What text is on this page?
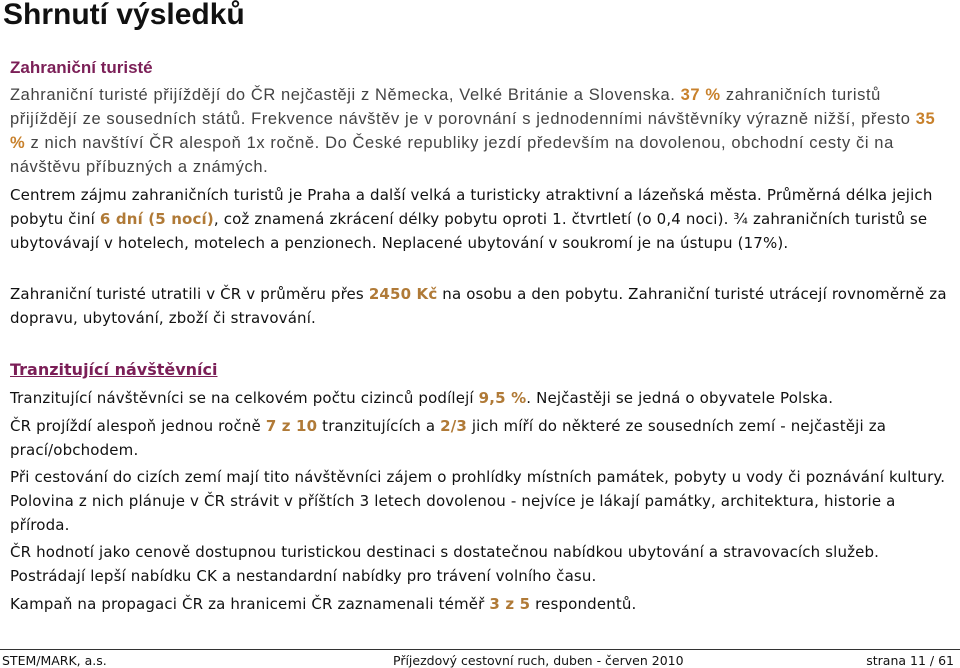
Shrnutí výsledků
Zahraniční turisté

Zahraniční turisté přijíždějí do ČR nejčastěji z Německa, Velké Británie a Slovenska. 37 % zahraničních turistů přijíždějí ze sousedních států. Frekvence návštěv je v porovnání s jednodenními návštěvníky výrazně nižší, přesto 35 % z nich navštíví ČR alespoň 1x ročně. Do České republiky jezdí především na dovolenou, obchodní cesty či na návštěvu příbuzných a známých.

Centrem zájmu zahraničních turistů je Praha a další velká a turisticky atraktivní a lázeňská města. Průměrná délka jejich pobytu činí 6 dní (5 nocí), což znamená zkrácení délky pobytu oproti 1. čtvrtletí (o 0,4 noci). ¾ zahraničních turistů se ubytovávají v hotelech, motelech a penzionech. Neplacené ubytování v soukromí je na ústupu (17%).

Zahraniční turisté utratili v ČR v průměru přes 2450 Kč na osobu a den pobytu. Zahraniční turisté utrácejí rovnoměrně za dopravu, ubytování, zboží či stravování.

Tranzitující návštěvníci

Tranzitující návštěvníci se na celkovém počtu cizinců podílejí 9,5 %. Nejčastěji se jedná o obyvatele Polska.

ČR projíždí alespoň jednou ročně 7 z 10 tranzitujících a 2/3 jich míří do některé ze sousedních zemí - nejčastěji za prací/obchodem.

Při cestování do cizích zemí mají tito návštěvníci zájem o prohlídky místních památek, pobyty u vody či poznávání kultury. Polovina z nich plánuje v ČR strávit v příštích 3 letech dovolenou - nejvíce je lákají památky, architektura, historie a příroda.

ČR hodnotí jako cenově dostupnou turistickou destinaci s dostatečnou nabídkou ubytování a stravovacích služeb. Postrádají lepší nabídku CK a nestandardní nabídky pro trávení volního času.

Kampaň na propagaci ČR za hranicemi ČR zaznamenali téměř 3 z 5 respondentů.

STEM/MARK, a.s.	Příjezdový cestovní ruch, duben - červen 2010	strana 11 / 61
